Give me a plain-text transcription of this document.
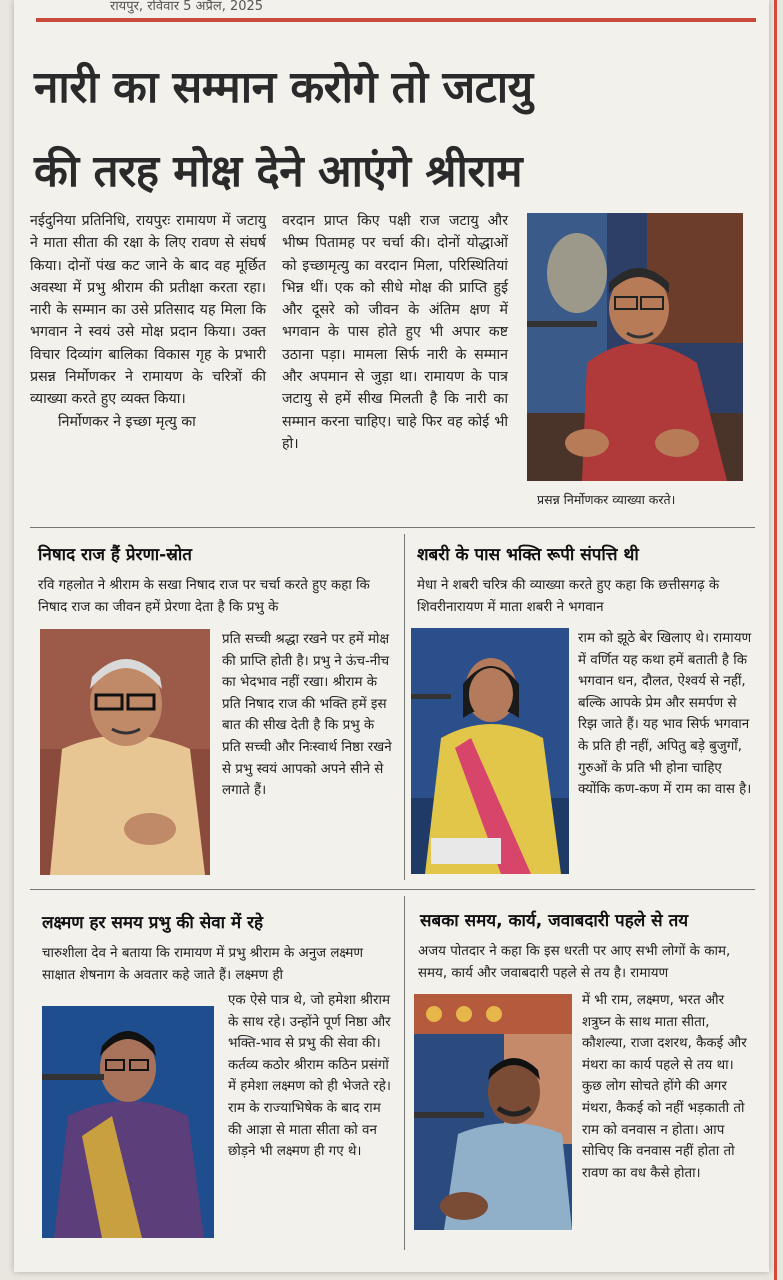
रायपुर, रविवार 5 अप्रैल, 2025
नारी का सम्मान करोगे तो जटायु
की तरह मोक्ष देने आएंगे श्रीराम
नईदुनिया प्रतिनिधि, रायपुरः रामायण में जटायु ने माता सीता की रक्षा के लिए रावण से संघर्ष किया। दोनों पंख कट जाने के बाद वह मूर्छित अवस्था में प्रभु श्रीराम की प्रतीक्षा करता रहा। नारी के सम्मान का उसे प्रतिसाद यह मिला कि भगवान ने स्वयं उसे मोक्ष प्रदान किया। उक्त विचार दिव्यांग बालिका विकास गृह के प्रभारी प्रसन्न निर्मोणकर ने रामायण के चरित्रों की व्याख्या करते हुए व्यक्त किया।
निर्मोणकर ने इच्छा मृत्यु का
वरदान प्राप्त किए पक्षी राज जटायु और भीष्म पितामह पर चर्चा की। दोनों योद्धाओं को इच्छामृत्यु का वरदान मिला, परिस्थितियां भिन्न थीं। एक को सीधे मोक्ष की प्राप्ति हुई और दूसरे को जीवन के अंतिम क्षण में भगवान के पास होते हुए भी अपार कष्ट उठाना पड़ा। मामला सिर्फ नारी के सम्मान और अपमान से जुड़ा था। रामायण के पात्र जटायु से हमें सीख मिलती है कि नारी का सम्मान करना चाहिए। चाहे फिर वह कोई भी हो।
प्रसन्न निर्मोणकर व्याख्या करते।
निषाद राज हैं प्रेरणा-स्रोत
रवि गहलोत ने श्रीराम के सखा निषाद राज पर चर्चा करते हुए कहा कि निषाद राज का जीवन हमें प्रेरणा देता है कि प्रभु के
प्रति सच्ची श्रद्धा रखने पर हमें मोक्ष की प्राप्ति होती है। प्रभु ने ऊंच-नीच का भेदभाव नहीं रखा। श्रीराम के प्रति निषाद राज की भक्ति हमें इस बात की सीख देती है कि प्रभु के प्रति सच्ची और निःस्वार्थ निष्ठा रखने से प्रभु स्वयं आपको अपने सीने से लगाते हैं।
शबरी के पास भक्ति रूपी संपत्ति थी
मेधा ने शबरी चरित्र की व्याख्या करते हुए कहा कि छत्तीसगढ़ के शिवरीनारायण में माता शबरी ने भगवान
राम को झूठे बेर खिलाए थे। रामायण में वर्णित यह कथा हमें बताती है कि भगवान धन, दौलत, ऐश्वर्य से नहीं, बल्कि आपके प्रेम और समर्पण से रिझ जाते हैं। यह भाव सिर्फ भगवान के प्रति ही नहीं, अपितु बड़े बुजुर्गों, गुरुओं के प्रति भी होना चाहिए क्योंकि कण-कण में राम का वास है।
लक्ष्मण हर समय प्रभु की सेवा में रहे
चारुशीला देव ने बताया कि रामायण में प्रभु श्रीराम के अनुज लक्ष्मण साक्षात शेषनाग के अवतार कहे जाते हैं। लक्ष्मण ही
एक ऐसे पात्र थे, जो हमेशा श्रीराम के साथ रहे। उन्होंने पूर्ण निष्ठा और भक्ति-भाव से प्रभु की सेवा की। कर्तव्य कठोर श्रीराम कठिन प्रसंगों में हमेशा लक्ष्मण को ही भेजते रहे। राम के राज्याभिषेक के बाद राम की आज्ञा से माता सीता को वन छोड़ने भी लक्ष्मण ही गए थे।
सबका समय, कार्य, जवाबदारी पहले से तय
अजय पोतदार ने कहा कि इस धरती पर आए सभी लोगों के काम, समय, कार्य और जवाबदारी पहले से तय है। रामायण
में भी राम, लक्ष्मण, भरत और शत्रुघ्न के साथ माता सीता, कौशल्या, राजा दशरथ, कैकई और मंथरा का कार्य पहले से तय था। कुछ लोग सोचते होंगे की अगर मंथरा, कैकई को नहीं भड़काती तो राम को वनवास न होता। आप सोचिए कि वनवास नहीं होता तो रावण का वध कैसे होता।
